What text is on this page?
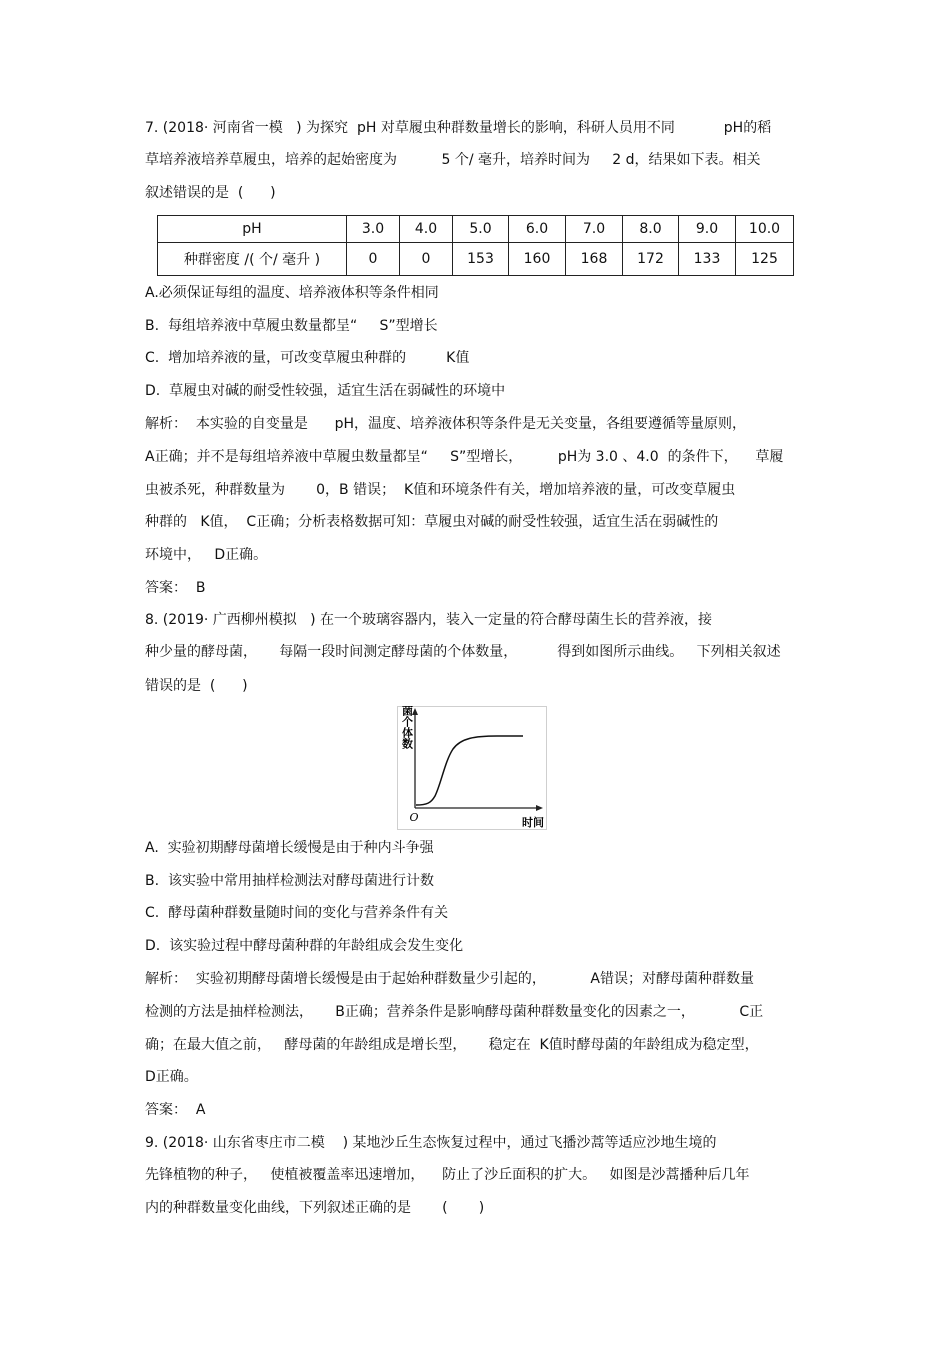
7. (2018· 河南省一模   ) 为探究  pH 对草履虫种群数量增长的影响，科研人员用不同           pH的稻
草培养液培养草履虫，培养的起始密度为          5 个/ 毫升，培养时间为     2 d，结果如下表。相关
叙述错误的是  (      )
pH	3.0	4.0	5.0	6.0	7.0	8.0	9.0	10.0
种群密度 /( 个/ 毫升 )	0	0	153	160	168	172	133	125
A.必须保证每组的温度、培养液体积等条件相同
B.  每组培养液中草履虫数量都呈“     S”型增长
C.  增加培养液的量，可改变草履虫种群的         K值
D.  草履虫对碱的耐受性较强，适宜生活在弱碱性的环境中
解析：  本实验的自变量是      pH，温度、培养液体积等条件是无关变量，各组要遵循等量原则，
A正确；并不是每组培养液中草履虫数量都呈“     S”型增长，        pH为 3.0 、4.0  的条件下，    草履
虫被杀死，种群数量为       0，B 错误；  K值和环境条件有关，增加培养液的量，可改变草履虫
种群的   K值，  C正确；分析表格数据可知：草履虫对碱的耐受性较强，适宜生活在弱碱性的
环境中，   D正确。
答案：  B
8. (2019· 广西柳州模拟   ) 在一个玻璃容器内，装入一定量的符合酵母菌生长的营养液，接
种少量的酵母菌，     每隔一段时间测定酵母菌的个体数量，         得到如图所示曲线。   下列相关叙述
错误的是  (      )
O	时间
酵母菌个体数
A.  实验初期酵母菌增长缓慢是由于种内斗争强
B.  该实验中常用抽样检测法对酵母菌进行计数
C.  酵母菌种群数量随时间的变化与营养条件有关
D.  该实验过程中酵母菌种群的年龄组成会发生变化
解析：  实验初期酵母菌增长缓慢是由于起始种群数量少引起的，          A错误；对酵母菌种群数量
检测的方法是抽样检测法，     B正确；营养条件是影响酵母菌种群数量变化的因素之一，          C正
确；在最大值之前，   酵母菌的年龄组成是增长型，     稳定在  K值时酵母菌的年龄组成为稳定型，
D正确。
答案：  A
9. (2018· 山东省枣庄市二模    ) 某地沙丘生态恢复过程中，通过飞播沙蒿等适应沙地生境的
先锋植物的种子，   使植被覆盖率迅速增加，    防止了沙丘面积的扩大。   如图是沙蒿播种后几年
内的种群数量变化曲线，下列叙述正确的是       (       )
